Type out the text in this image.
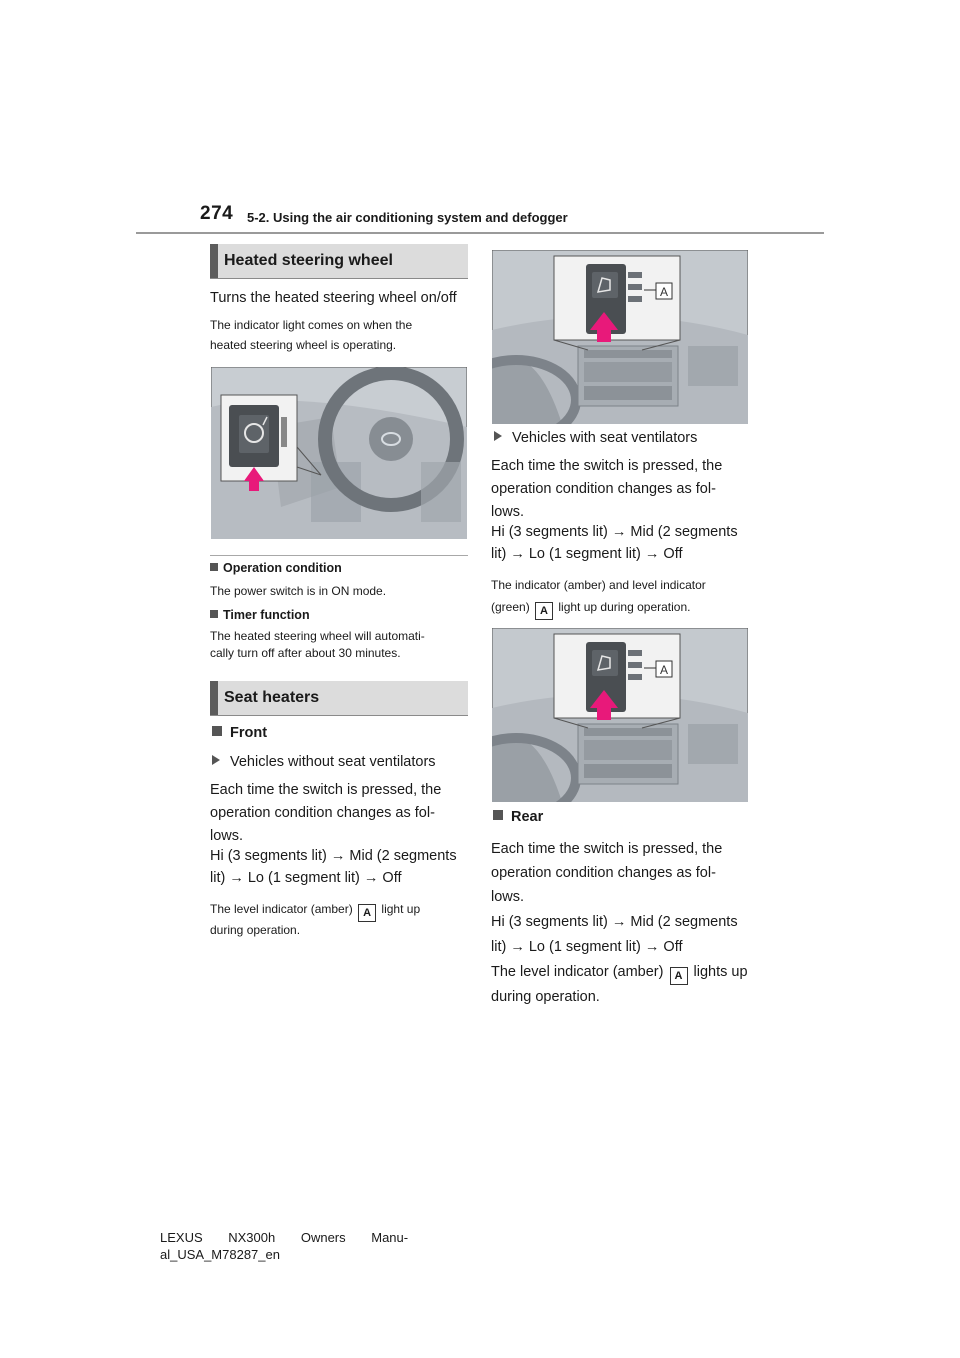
274 5-2. Using the air conditioning system and defogger
Heated steering wheel
Turns the heated steering wheel on/off
The indicator light comes on when the
heated steering wheel is operating.
Operation condition
The power switch is in ON mode.
Timer function
The heated steering wheel will automati-
cally turn off after about 30 minutes.
Seat heaters
Front
Vehicles without seat ventilators
Each time the switch is pressed, the
operation condition changes as fol-
lows.
Hi (3 segments lit) → Mid (2 segments
lit) → Lo (1 segment lit) → Off
The level indicator (amber) A light up
during operation.
A
Vehicles with seat ventilators
Each time the switch is pressed, the
operation condition changes as fol-
lows.
Hi (3 segments lit) → Mid (2 segments
lit) → Lo (1 segment lit) → Off
The indicator (amber) and level indicator
(green) A light up during operation.
A
Rear
Each time the switch is pressed, the
operation condition changes as fol-
lows.
Hi (3 segments lit) → Mid (2 segments
lit) → Lo (1 segment lit) → Off
The level indicator (amber) A lights up
during operation.
LEXUS NX300h Owners Manu-
al_USA_M78287_en
